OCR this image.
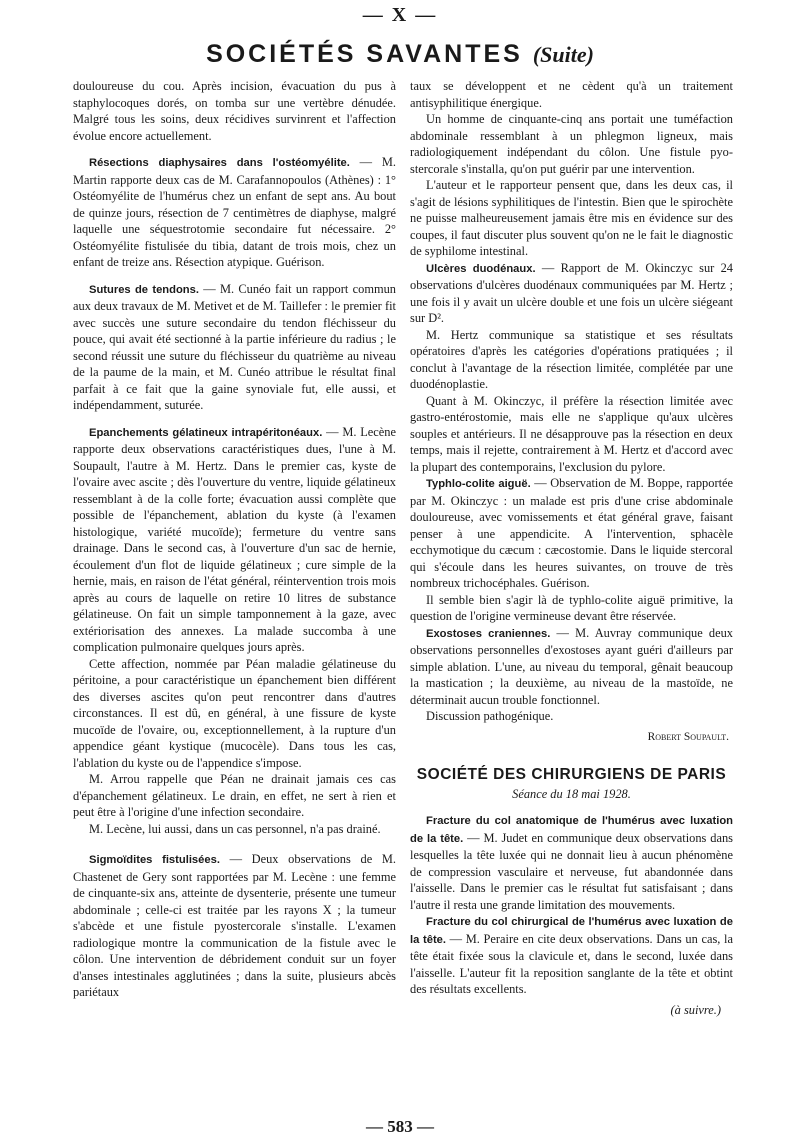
— X —
SOCIÉTÉS SAVANTES (Suite)

douloureuse du cou. Après incision, évacuation du pus à staphylocoques dorés, on tomba sur une vertèbre dénudée. Malgré tous les soins, deux récidives survinrent et l'affection évolue encore actuellement.

Résections diaphysaires dans l'ostéomyélite. — M. Martin rapporte deux cas de M. Carafannopoulos (Athènes) : 1° Ostéomyélite de l'humérus chez un enfant de sept ans. Au bout de quinze jours, résection de 7 centimètres de diaphyse, malgré laquelle une séquestrotomie secondaire fut nécessaire. 2° Ostéomyélite fistulisée du tibia, datant de trois mois, chez un enfant de treize ans. Résection atypique. Guérison.

Sutures de tendons. — M. Cunéo fait un rapport commun aux deux travaux de M. Metivet et de M. Taillefer : le premier fit avec succès une suture secondaire du tendon fléchisseur du pouce, qui avait été sectionné à la partie inférieure du radius ; le second réussit une suture du fléchisseur du quatrième au niveau de la paume de la main, et M. Cunéo attribue le résultat final parfait à ce fait que la gaine synoviale fut, elle aussi, et indépendamment, suturée.

Epanchements gélatineux intrapéritonéaux. — M. Lecène rapporte deux observations caractéristiques dues, l'une à M. Soupault, l'autre à M. Hertz. Dans le premier cas, kyste de l'ovaire avec ascite ; dès l'ouverture du ventre, liquide gélatineux ressemblant à de la colle forte; évacuation aussi complète que possible de l'épanchement, ablation du kyste (à l'examen histologique, variété mucoïde); fermeture du ventre sans drainage. Dans le second cas, à l'ouverture d'un sac de hernie, écoulement d'un flot de liquide gélatineux ; cure simple de la hernie, mais, en raison de l'état général, réintervention trois mois après au cours de laquelle on retire 10 litres de substance gélatineuse. On fait un simple tamponnement à la gaze, avec extériorisation des annexes. La malade succomba à une complication pulmonaire quelques jours après.

Cette affection, nommée par Péan maladie gélatineuse du péritoine, a pour caractéristique un épanchement bien différent des diverses ascites qu'on peut rencontrer dans d'autres circonstances. Il est dû, en général, à une fissure de kyste mucoïde de l'ovaire, ou, exceptionnellement, à la rupture d'un appendice géant kystique (mucocèle). Dans tous les cas, l'ablation du kyste ou de l'appendice s'impose.

M. Arrou rappelle que Péan ne drainait jamais ces cas d'épanchement gélatineux. Le drain, en effet, ne sert à rien et peut être à l'origine d'une infection secondaire.

M. Lecène, lui aussi, dans un cas personnel, n'a pas drainé.

Sigmoïdites fistulisées. — Deux observations de M. Chastenet de Gery sont rapportées par M. Lecène : une femme de cinquante-six ans, atteinte de dysenterie, présente une tumeur abdominale ; celle-ci est traitée par les rayons X ; la tumeur s'abcède et une fistule pyostercorale s'installe. L'examen radiologique montre la communication de la fistule avec le côlon. Une intervention de débridement conduit sur un foyer d'anses intestinales agglutinées ; dans la suite, plusieurs abcès pariétaux

taux se développent et ne cèdent qu'à un traitement antisyphilitique énergique.

Un homme de cinquante-cinq ans portait une tuméfaction abdominale ressemblant à un phlegmon ligneux, mais radiologiquement indépendant du côlon. Une fistule pyo-stercorale s'installa, qu'on put guérir par une intervention.

L'auteur et le rapporteur pensent que, dans les deux cas, il s'agit de lésions syphilitiques de l'intestin. Bien que le spirochète ne puisse malheureusement jamais être mis en évidence sur des coupes, il faut discuter plus souvent qu'on ne le fait le diagnostic de syphilome intestinal.

Ulcères duodénaux. — Rapport de M. Okinczyc sur 24 observations d'ulcères duodénaux communiquées par M. Hertz ; une fois il y avait un ulcère double et une fois un ulcère siégeant sur D².

M. Hertz communique sa statistique et ses résultats opératoires d'après les catégories d'opérations pratiquées ; il conclut à l'avantage de la résection limitée, complétée par une duodénoplastie.

Quant à M. Okinczyc, il préfère la résection limitée avec gastro-entérostomie, mais elle ne s'applique qu'aux ulcères souples et antérieurs. Il ne désapprouve pas la résection en deux temps, mais il rejette, contrairement à M. Hertz et d'accord avec la plupart des contemporains, l'exclusion du pylore.

Typhlo-colite aiguë. — Observation de M. Boppe, rapportée par M. Okinczyc : un malade est pris d'une crise abdominale douloureuse, avec vomissements et état général grave, faisant penser à une appendicite. A l'intervention, sphacèle ecchymotique du cæcum : cæcostomie. Dans le liquide stercoral qui s'écoule dans les heures suivantes, on trouve de très nombreux trichocéphales. Guérison.

Il semble bien s'agir là de typhlo-colite aiguë primitive, la question de l'origine vermineuse devant être réservée.

Exostoses craniennes. — M. Auvray communique deux observations personnelles d'exostoses ayant guéri d'ailleurs par simple ablation. L'une, au niveau du temporal, gênait beaucoup la mastication ; la deuxième, au niveau de la mastoïde, ne déterminait aucun trouble fonctionnel.

Discussion pathogénique.

Robert Soupault.
SOCIÉTÉ DES CHIRURGIENS DE PARIS
Séance du 18 mai 1928.

Fracture du col anatomique de l'humérus avec luxation de la tête. — M. Judet en communique deux observations dans lesquelles la tête luxée qui ne donnait lieu à aucun phénomène de compression vasculaire et nerveuse, fut abandonnée dans l'aisselle. Dans le premier cas le résultat fut satisfaisant ; dans l'autre il resta une grande limitation des mouvements.

Fracture du col chirurgical de l'humérus avec luxation de la tête. — M. Peraire en cite deux observations. Dans un cas, la tête était fixée sous la clavicule et, dans le second, luxée dans l'aisselle. L'auteur fit la reposition sanglante de la tête et obtint des résultats excellents.

(à suivre.)
— 583 —
